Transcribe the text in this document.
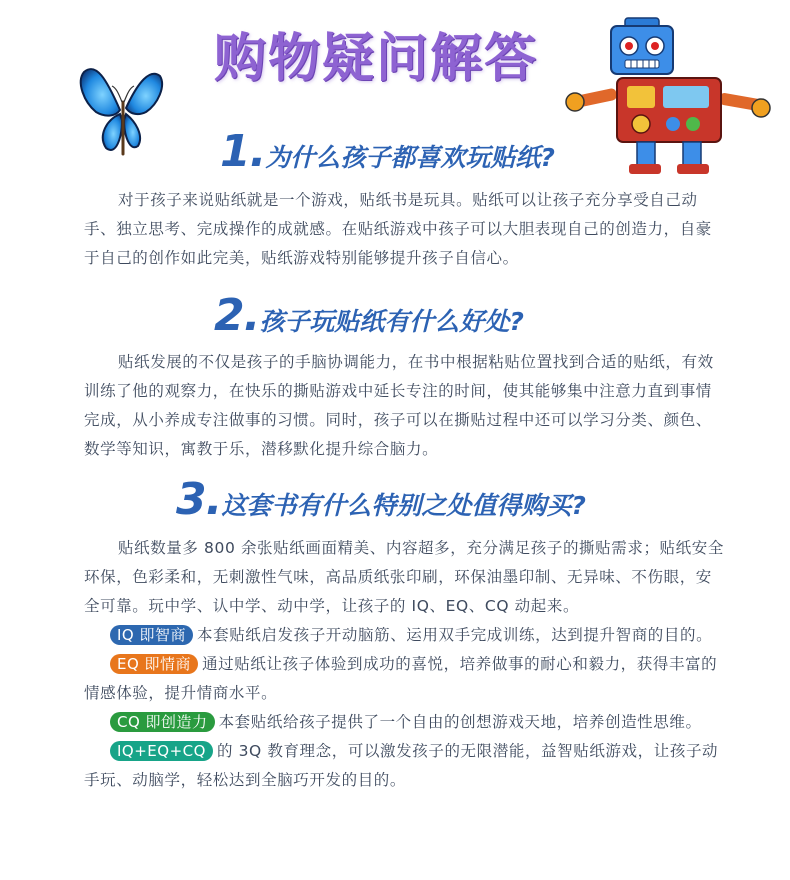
购物疑问解答
1.为什么孩子都喜欢玩贴纸?
对于孩子来说贴纸就是一个游戏，贴纸书是玩具。贴纸可以让孩子充分享受自己动手、独立思考、完成操作的成就感。在贴纸游戏中孩子可以大胆表现自己的创造力，自豪于自己的创作如此完美，贴纸游戏特别能够提升孩子自信心。
2.孩子玩贴纸有什么好处?
贴纸发展的不仅是孩子的手脑协调能力，在书中根据粘贴位置找到合适的贴纸，有效训练了他的观察力，在快乐的撕贴游戏中延长专注的时间，使其能够集中注意力直到事情完成，从小养成专注做事的习惯。同时，孩子可以在撕贴过程中还可以学习分类、颜色、数学等知识，寓教于乐，潜移默化提升综合脑力。
3.这套书有什么特别之处值得购买?
贴纸数量多 800 余张贴纸画面精美、内容超多，充分满足孩子的撕贴需求；贴纸安全环保，色彩柔和，无刺激性气味，高品质纸张印刷，环保油墨印制、无异味、不伤眼，安全可靠。玩中学、认中学、动中学，让孩子的 IQ、EQ、CQ 动起来。
IQ 即智商 本套贴纸启发孩子开动脑筋、运用双手完成训练，达到提升智商的目的。
EQ 即情商 通过贴纸让孩子体验到成功的喜悦，培养做事的耐心和毅力，获得丰富的情感体验，提升情商水平。
CQ 即创造力 本套贴纸给孩子提供了一个自由的创想游戏天地，培养创造性思维。
IQ+EQ+CQ 的 3Q 教育理念，可以激发孩子的无限潜能，益智贴纸游戏，让孩子动手玩、动脑学，轻松达到全脑巧开发的目的。
